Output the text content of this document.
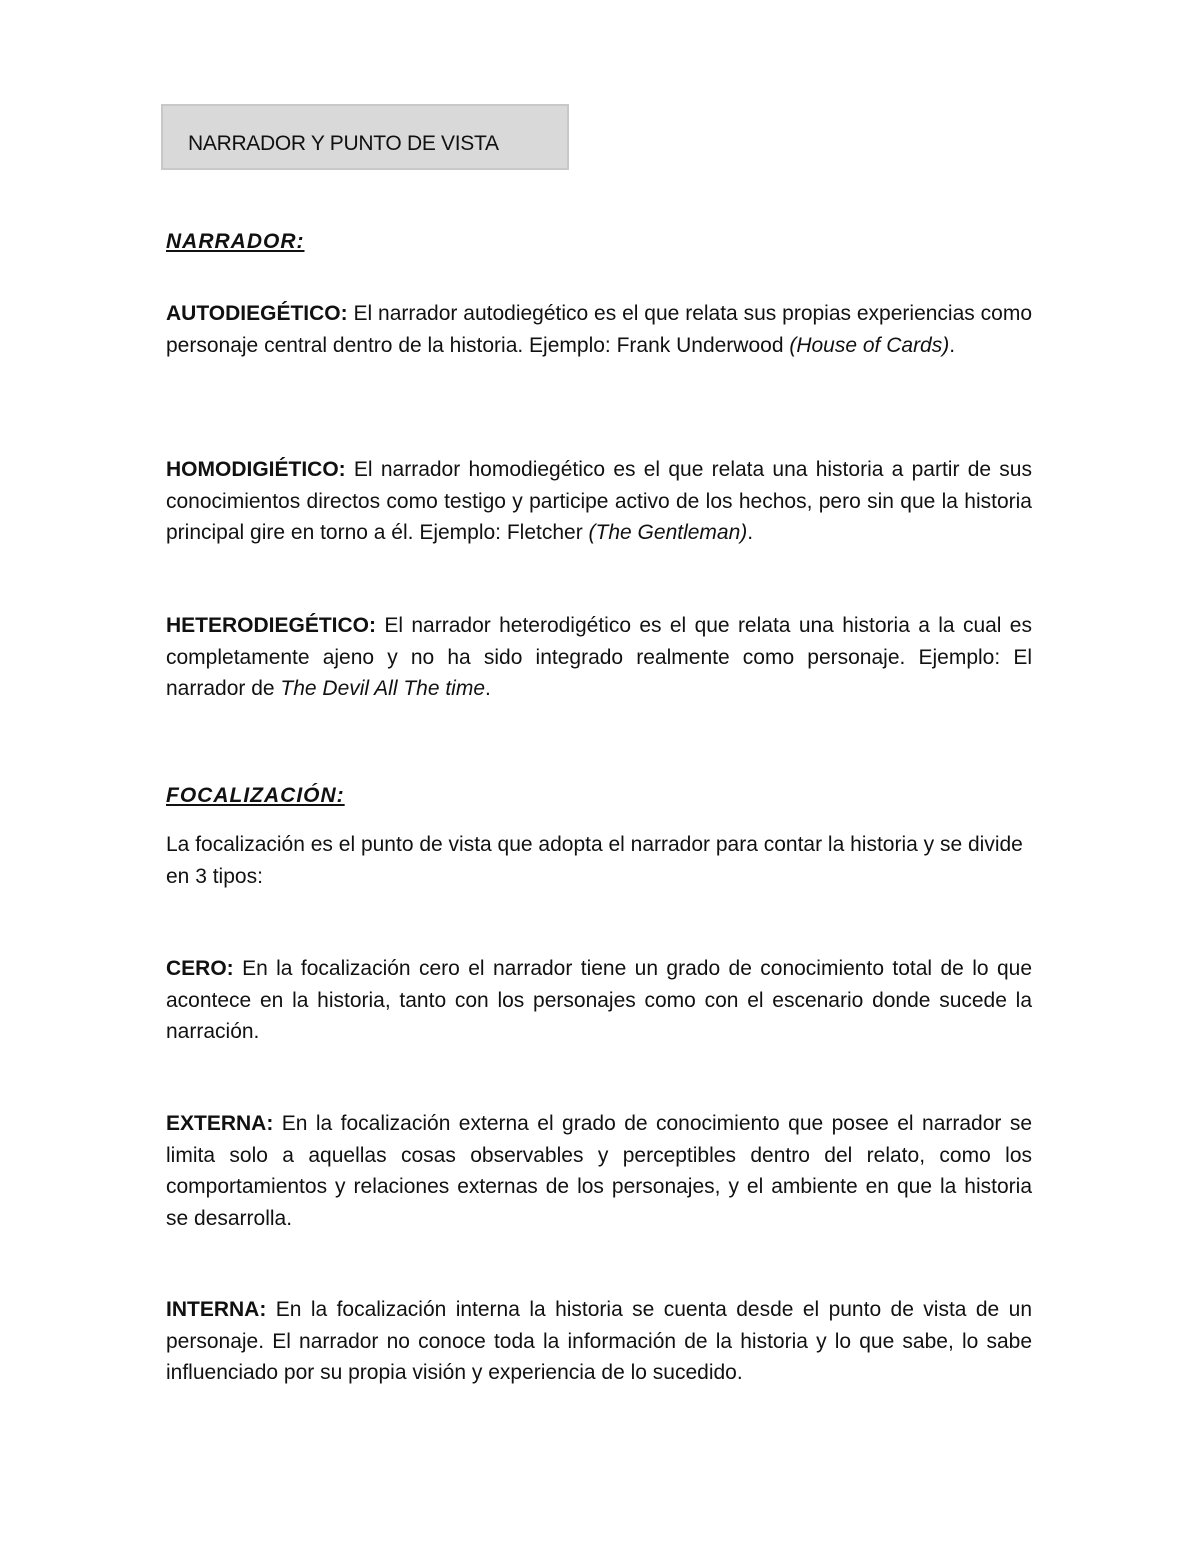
NARRADOR Y PUNTO DE VISTA
NARRADOR:

AUTODIEGÉTICO: El narrador autodiegético es el que relata sus propias experiencias como personaje central dentro de la historia. Ejemplo: Frank Underwood (House of Cards).

HOMODIGIÉTICO: El narrador homodiegético es el que relata una historia a partir de sus conocimientos directos como testigo y participe activo de los hechos, pero sin que la historia principal gire en torno a él. Ejemplo: Fletcher (The Gentleman).

HETERODIEGÉTICO: El narrador heterodigético es el que relata una historia a la cual es completamente ajeno y no ha sido integrado realmente como personaje. Ejemplo: El narrador de The Devil All The time.

FOCALIZACIÓN:

La focalización es el punto de vista que adopta el narrador para contar la historia y se divide en 3 tipos:

CERO: En la focalización cero el narrador tiene un grado de conocimiento total de lo que acontece en la historia, tanto con los personajes como con el escenario donde sucede la narración.

EXTERNA: En la focalización externa el grado de conocimiento que posee el narrador se limita solo a aquellas cosas observables y perceptibles dentro del relato, como los comportamientos y relaciones externas de los personajes, y el ambiente en que la historia se desarrolla.

INTERNA: En la focalización interna la historia se cuenta desde el punto de vista de un personaje. El narrador no conoce toda la información de la historia y lo que sabe, lo sabe influenciado por su propia visión y experiencia de lo sucedido.
